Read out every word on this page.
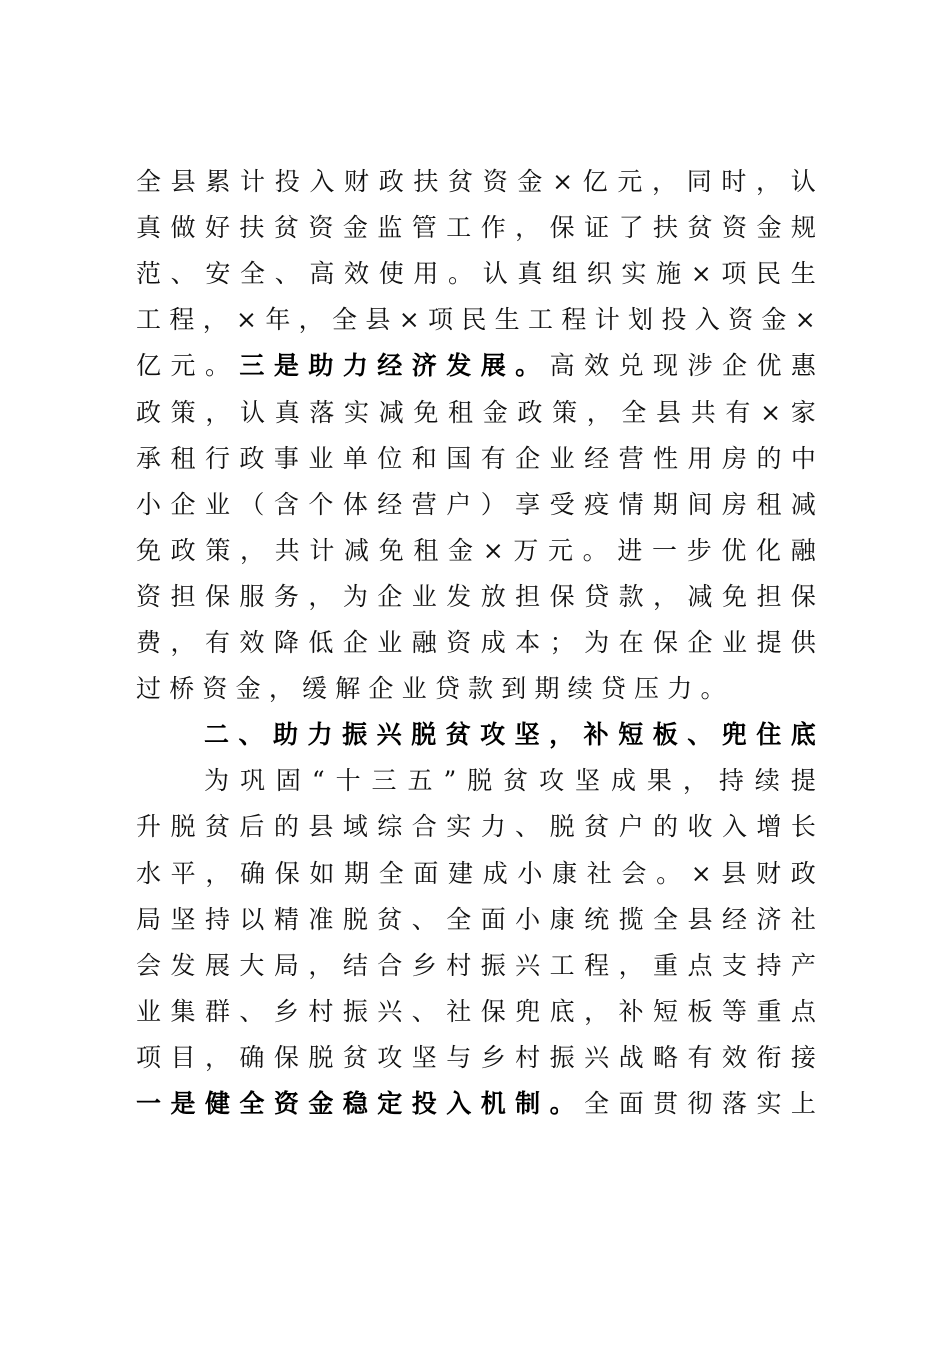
全 县 累 计 投 入 财 政 扶 贫 资 金 × 亿 元 ， 同 时 ， 认
真 做 好 扶 贫 资 金 监 管 工 作 ， 保 证 了 扶 贫 资 金 规
范 、 安 全 、 高 效 使 用 。 认 真 组 织 实 施 × 项 民 生
工 程 ， × 年 ， 全 县 × 项 民 生 工 程 计 划 投 入 资 金 ×
亿 元 。 三 是 助 力 经 济 发 展 。 高 效 兑 现 涉 企 优 惠
政 策 ， 认 真 落 实 减 免 租 金 政 策 ， 全 县 共 有 × 家
承 租 行 政 事 业 单 位 和 国 有 企 业 经 营 性 用 房 的 中
小 企 业 （ 含 个 体 经 营 户 ） 享 受 疫 情 期 间 房 租 减
免 政 策 ， 共 计 减 免 租 金 × 万 元 。 进 一 步 优 化 融
资 担 保 服 务 ， 为 企 业 发 放 担 保 贷 款 ， 减 免 担 保
费 ， 有 效 降 低 企 业 融 资 成 本 ； 为 在 保 企 业 提 供
过 桥 资 金 ， 缓 解 企 业 贷 款 到 期 续 贷 压 力 。
二 、 助 力 振 兴 脱 贫 攻 坚 ， 补 短 板 、 兜 住 底
为 巩 固 “ 十 三 五 ” 脱 贫 攻 坚 成 果 ， 持 续 提
升 脱 贫 后 的 县 域 综 合 实 力 、 脱 贫 户 的 收 入 增 长
水 平 ， 确 保 如 期 全 面 建 成 小 康 社 会 。 × 县 财 政
局 坚 持 以 精 准 脱 贫 、 全 面 小 康 统 揽 全 县 经 济 社
会 发 展 大 局 ， 结 合 乡 村 振 兴 工 程 ， 重 点 支 持 产
业 集 群 、 乡 村 振 兴 、 社 保 兜 底 ， 补 短 板 等 重 点
项 目 ， 确 保 脱 贫 攻 坚 与 乡 村 振 兴 战 略 有 效 衔 接
一 是 健 全 资 金 稳 定 投 入 机 制 。 全 面 贯 彻 落 实 上
